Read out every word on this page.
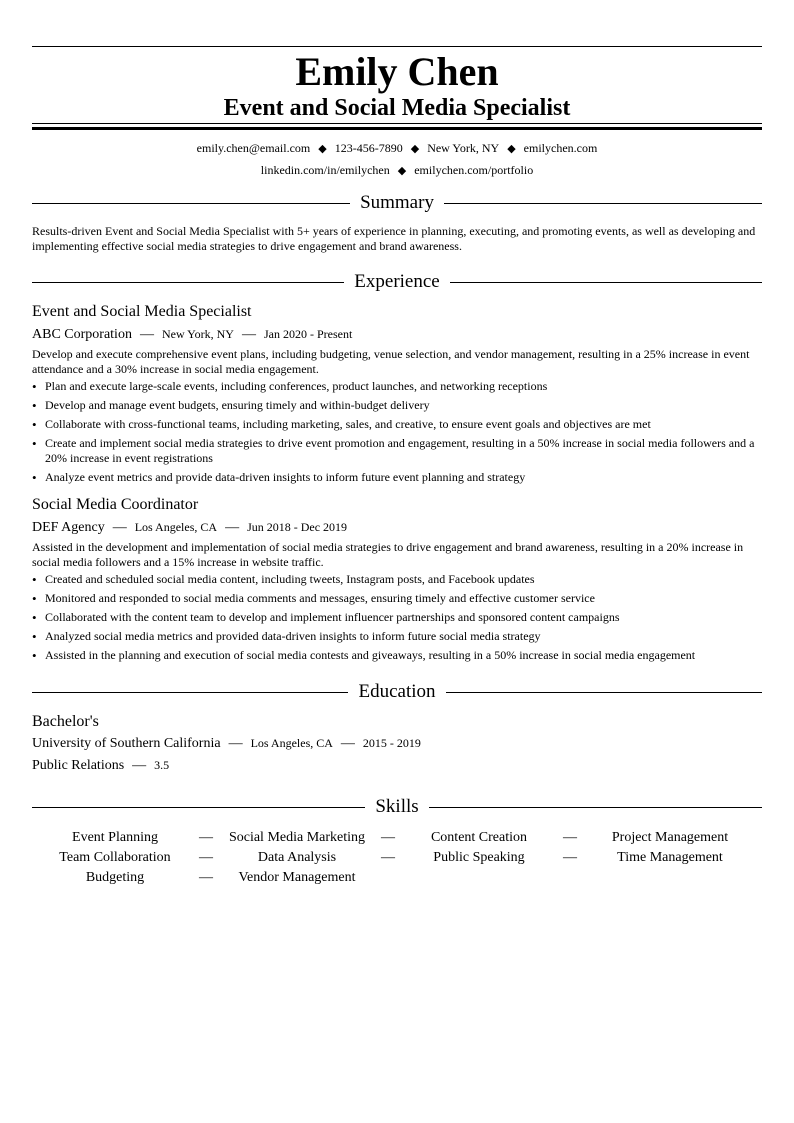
Emily Chen
Event and Social Media Specialist
emily.chen@email.com ◆ 123-456-7890 ◆ New York, NY ◆ emilychen.com
linkedin.com/in/emilychen ◆ emilychen.com/portfolio
Summary
Results-driven Event and Social Media Specialist with 5+ years of experience in planning, executing, and promoting events, as well as developing and implementing effective social media strategies to drive engagement and brand awareness.
Experience
Event and Social Media Specialist
ABC Corporation — New York, NY — Jan 2020 - Present
Develop and execute comprehensive event plans, including budgeting, venue selection, and vendor management, resulting in a 25% increase in event attendance and a 30% increase in social media engagement.
• Plan and execute large-scale events, including conferences, product launches, and networking receptions
• Develop and manage event budgets, ensuring timely and within-budget delivery
• Collaborate with cross-functional teams, including marketing, sales, and creative, to ensure event goals and objectives are met
• Create and implement social media strategies to drive event promotion and engagement, resulting in a 50% increase in social media followers and a 20% increase in event registrations
• Analyze event metrics and provide data-driven insights to inform future event planning and strategy
Social Media Coordinator
DEF Agency — Los Angeles, CA — Jun 2018 - Dec 2019
Assisted in the development and implementation of social media strategies to drive engagement and brand awareness, resulting in a 20% increase in social media followers and a 15% increase in website traffic.
• Created and scheduled social media content, including tweets, Instagram posts, and Facebook updates
• Monitored and responded to social media comments and messages, ensuring timely and effective customer service
• Collaborated with the content team to develop and implement influencer partnerships and sponsored content campaigns
• Analyzed social media metrics and provided data-driven insights to inform future social media strategy
• Assisted in the planning and execution of social media contests and giveaways, resulting in a 50% increase in social media engagement
Education
Bachelor's
University of Southern California — Los Angeles, CA — 2015 - 2019
Public Relations — 3.5
Skills
Event Planning	—	Social Media Marketing	—	Content Creation	—	Project Management
Team Collaboration	—	Data Analysis	—	Public Speaking	—	Time Management
Budgeting	—	Vendor Management
